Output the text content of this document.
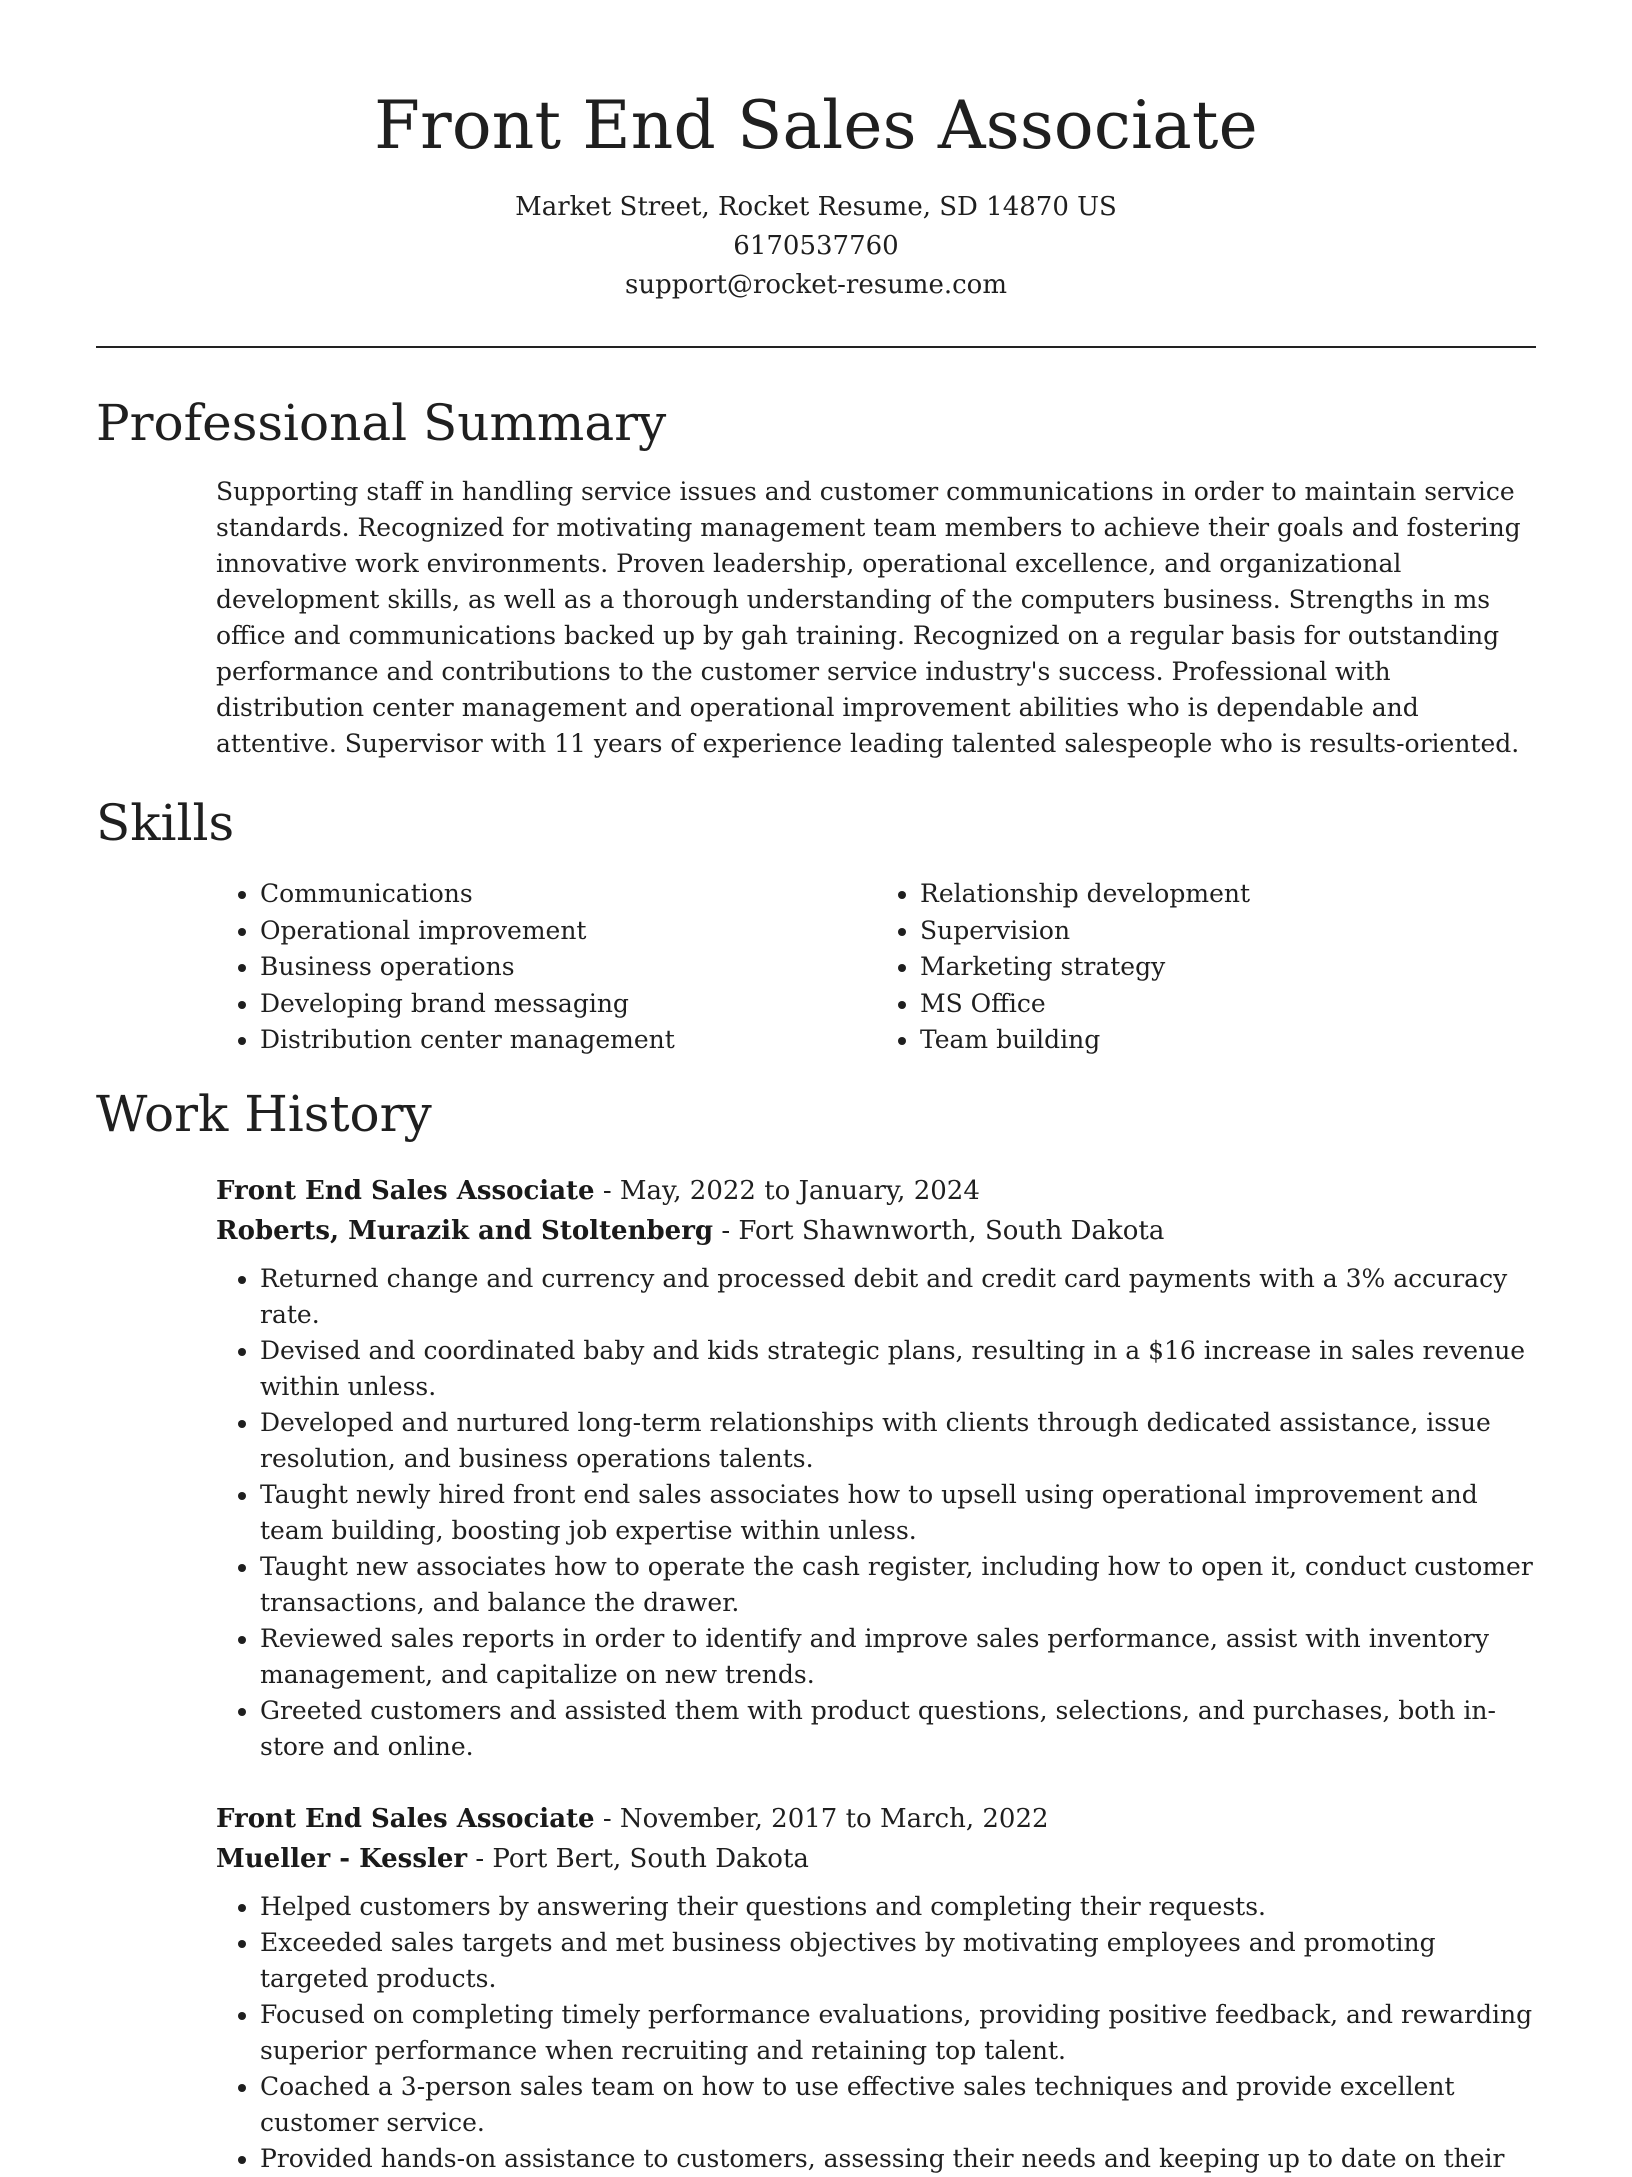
Front End Sales Associate
Market Street, Rocket Resume, SD 14870 US
6170537760
support@rocket-resume.com
Professional Summary

Supporting staff in handling service issues and customer communications in order to maintain service standards. Recognized for motivating management team members to achieve their goals and fostering innovative work environments. Proven leadership, operational excellence, and organizational development skills, as well as a thorough understanding of the computers business. Strengths in ms office and communications backed up by gah training. Recognized on a regular basis for outstanding performance and contributions to the customer service industry's success. Professional with distribution center management and operational improvement abilities who is dependable and attentive. Supervisor with 11 years of experience leading talented salespeople who is results-oriented.

Skills
• Communications
• Operational improvement
• Business operations
• Developing brand messaging
• Distribution center management
• Relationship development
• Supervision
• Marketing strategy
• MS Office
• Team building
Work History
Front End Sales Associate - May, 2022 to January, 2024
Roberts, Murazik and Stoltenberg - Fort Shawnworth, South Dakota
• Returned change and currency and processed debit and credit card payments with a 3% accuracy rate.
• Devised and coordinated baby and kids strategic plans, resulting in a $16 increase in sales revenue within unless.
• Developed and nurtured long-term relationships with clients through dedicated assistance, issue resolution, and business operations talents.
• Taught newly hired front end sales associates how to upsell using operational improvement and team building, boosting job expertise within unless.
• Taught new associates how to operate the cash register, including how to open it, conduct customer transactions, and balance the drawer.
• Reviewed sales reports in order to identify and improve sales performance, assist with inventory management, and capitalize on new trends.
• Greeted customers and assisted them with product questions, selections, and purchases, both in-store and online.
Front End Sales Associate - November, 2017 to March, 2022
Mueller - Kessler - Port Bert, South Dakota
• Helped customers by answering their questions and completing their requests.
• Exceeded sales targets and met business objectives by motivating employees and promoting targeted products.
• Focused on completing timely performance evaluations, providing positive feedback, and rewarding superior performance when recruiting and retaining top talent.
• Coached a 3-person sales team on how to use effective sales techniques and provide excellent customer service.
• Provided hands-on assistance to customers, assessing their needs and keeping up to date on their
